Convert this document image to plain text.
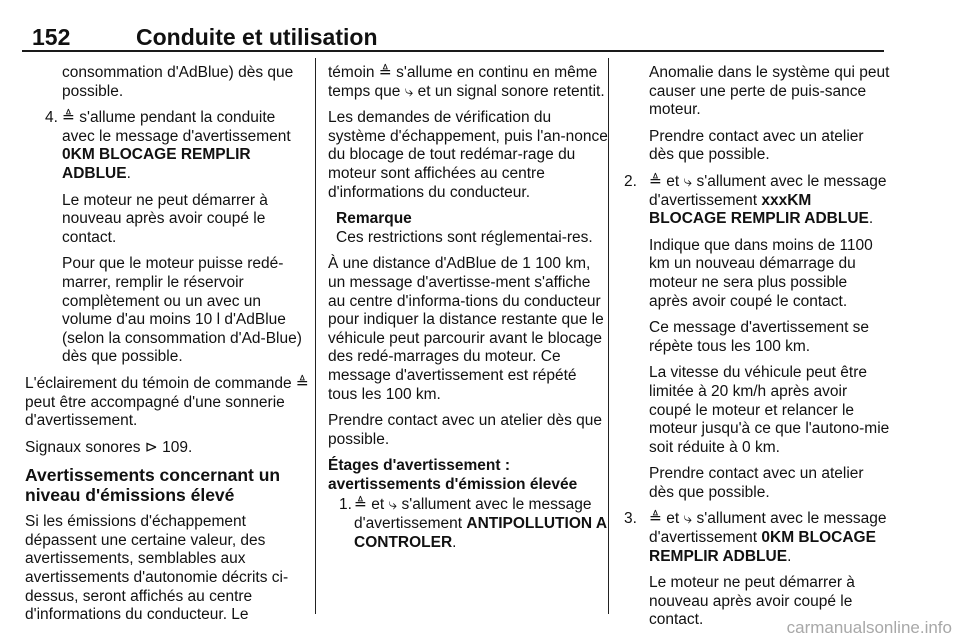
152	Conduite et utilisation

consommation d'AdBlue) dès que possible.

4. ≜ s'allume pendant la conduite avec le message d'avertissement 0KM BLOCAGE REMPLIR ADBLUE.

Le moteur ne peut démarrer à nouveau après avoir coupé le contact.

Pour que le moteur puisse redé-marrer, remplir le réservoir complètement ou un avec un volume d'au moins 10 l d'AdBlue (selon la consommation d'Ad-Blue) dès que possible.

L'éclairement du témoin de commande ≜ peut être accompagné d'une sonnerie d'avertissement.

Signaux sonores ⊳ 109.

Avertissements concernant un niveau d'émissions élevé

Si les émissions d'échappement dépassent une certaine valeur, des avertissements, semblables aux avertissements d'autonomie décrits ci-dessus, seront affichés au centre d'informations du conducteur. Le

témoin ≜ s'allume en continu en même temps que ⤷ et un signal sonore retentit.

Les demandes de vérification du système d'échappement, puis l'an-nonce du blocage de tout redémar-rage du moteur sont affichées au centre d'informations du conducteur.

Remarque

Ces restrictions sont réglementai-res.

À une distance d'AdBlue de 1 100 km, un message d'avertisse-ment s'affiche au centre d'informa-tions du conducteur pour indiquer la distance restante que le véhicule peut parcourir avant le blocage des redé-marrages du moteur. Ce message d'avertissement est répété tous les 100 km.

Prendre contact avec un atelier dès que possible.

Étages d'avertissement : avertissements d'émission élevée
1. ≜ et ⤷ s'allument avec le message d'avertissement ANTIPOLLUTION A CONTROLER.

Anomalie dans le système qui peut causer une perte de puis-sance moteur.

Prendre contact avec un atelier dès que possible.

2. ≜ et ⤷ s'allument avec le message d'avertissement xxxKM BLOCAGE REMPLIR ADBLUE.

Indique que dans moins de 1100 km un nouveau démarrage du moteur ne sera plus possible après avoir coupé le contact.

Ce message d'avertissement se répète tous les 100 km.

La vitesse du véhicule peut être limitée à 20 km/h après avoir coupé le moteur et relancer le moteur jusqu'à ce que l'autono-mie soit réduite à 0 km.

Prendre contact avec un atelier dès que possible.

3. ≜ et ⤷ s'allument avec le message d'avertissement 0KM BLOCAGE REMPLIR ADBLUE.

Le moteur ne peut démarrer à nouveau après avoir coupé le contact.	carmanualsonline.info
